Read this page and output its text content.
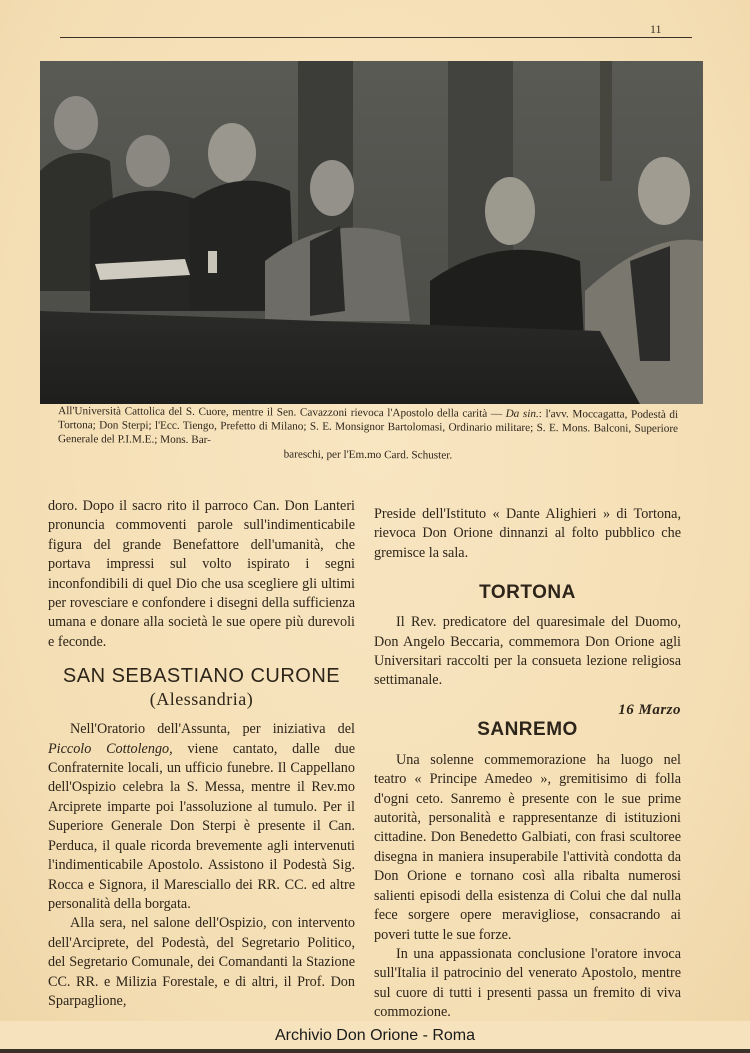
11
All'Università Cattolica del S. Cuore, mentre il Sen. Cavazzoni rievoca l'Apostolo della carità — Da sin.: l'avv. Moccagatta, Podestà di Tortona; Don Sterpi; l'Ecc. Tiengo, Prefetto di Milano; S. E. Monsignor Bartolomasi, Ordinario militare; S. E. Mons. Balconi, Superiore Generale del P.I.M.E.; Mons. Bar-
bareschi, per l'Em.mo Card. Schuster.

doro. Dopo il sacro rito il parroco Can. Don Lanteri pronuncia commoventi parole sull'indimenticabile figura del grande Benefattore dell'umanità, che portava impressi sul volto ispirato i segni inconfondibili di quel Dio che usa scegliere gli ultimi per rovesciare e confondere i disegni della sufficienza umana e donare alla società le sue opere più durevoli e feconde.

SAN SEBASTIANO CURONE
(Alessandria)

Nell'Oratorio dell'Assunta, per iniziativa del Piccolo Cottolengo, viene cantato, dalle due Confraternite locali, un ufficio funebre. Il Cappellano dell'Ospizio celebra la S. Messa, mentre il Rev.mo Arciprete imparte poi l'assoluzione al tumulo. Per il Superiore Generale Don Sterpi è presente il Can. Perduca, il quale ricorda brevemente agli intervenuti l'indimenticabile Apostolo. Assistono il Podestà Sig. Rocca e Signora, il Maresciallo dei RR. CC. ed altre personalità della borgata.

Alla sera, nel salone dell'Ospizio, con intervento dell'Arciprete, del Podestà, del Segretario Politico, del Segretario Comunale, dei Comandanti la Stazione CC. RR. e Milizia Forestale, e di altri, il Prof. Don Sparpaglione,

Preside dell'Istituto « Dante Alighieri » di Tortona, rievoca Don Orione dinnanzi al folto pubblico che gremisce la sala.

TORTONA

Il Rev. predicatore del quaresimale del Duomo, Don Angelo Beccaria, commemora Don Orione agli Universitari raccolti per la consueta lezione religiosa settimanale.

16 Marzo
SANREMO

Una solenne commemorazione ha luogo nel teatro « Principe Amedeo », gremitisimo di folla d'ogni ceto. Sanremo è presente con le sue prime autorità, personalità e rappresentanze di istituzioni cittadine. Don Benedetto Galbiati, con frasi scultoree disegna in maniera insuperabile l'attività condotta da Don Orione e tornano così alla ribalta numerosi salienti episodi della esistenza di Colui che dal nulla fece sorgere opere meravigliose, consacrando ai poveri tutte le sue forze.

In una appassionata conclusione l'oratore invoca sull'Italia il patrocinio del venerato Apostolo, mentre sul cuore di tutti i presenti passa un fremito di viva commozione.

Archivio Don Orione - Roma
